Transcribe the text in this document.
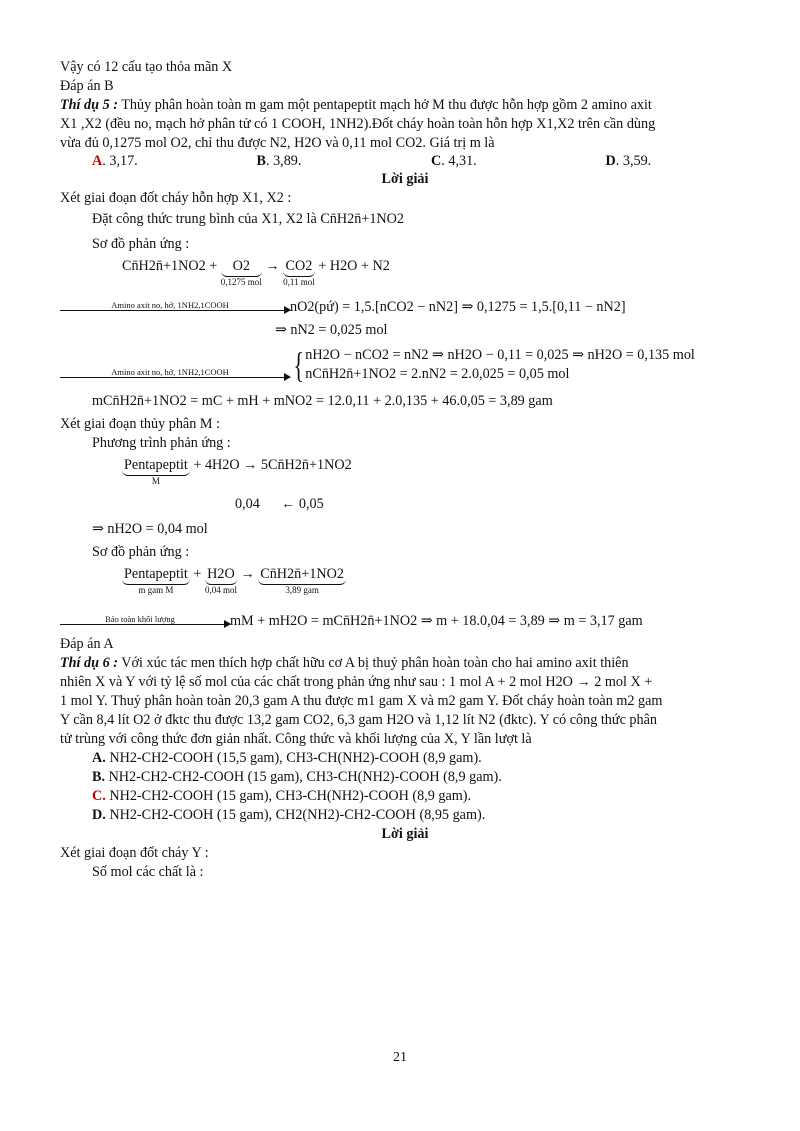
Vậy có 12 cấu tạo thỏa mãn X

Đáp án B

Thí dụ 5 : Thủy phân hoàn toàn m gam một pentapeptit mạch hở M thu được hỗn hợp gồm 2 amino axit

X1 ,X2 (đều no, mạch hở phân tử có 1 COOH, 1NH2).Đốt cháy hoàn toàn hỗn hợp X1,X2 trên cần dùng

vừa đủ 0,1275 mol O2, chỉ thu được N2, H2O và 0,11 mol CO2. Giá trị m là

A. 3,17.	B. 3,89.	C. 4,31.	D. 3,59.

Lời giải

Xét giai đoạn đốt cháy hỗn hợp X1, X2 :

Đặt công thức trung bình của X1, X2 là Cn̄H2n̄+1NO2

Sơ đồ phản ứng :

Cn̄H2n̄+1NO2 + O2
0,1275 mol
→ CO2
0,11 mol
+ H2O + N2

Amino axit no, hở, 1NH2,1COOH	nO2(pứ) = 1,5.[nCO2 − nN2] ⇒ 0,1275 = 1,5.[0,11 − nN2]

⇒ nN2 = 0,025 mol

Amino axit no, hở, 1NH2,1COOH	{ nH2O − nCO2 = nN2 ⇒ nH2O − 0,11 = 0,025 ⇒ nH2O = 0,135 mol
nCn̄H2n̄+1NO2 = 2.nN2 = 2.0,025 = 0,05 mol

mCn̄H2n̄+1NO2 = mC + mH + mNO2 = 12.0,11 + 2.0,135 + 46.0,05 = 3,89 gam

Xét giai đoạn thủy phân M :

Phương trình phản ứng :

Pentapeptit
M
+ 4H2O → 5Cn̄H2n̄+1NO2

0,04      ← 0,05

⇒ nH2O = 0,04 mol

Sơ đồ phản ứng :

Pentapeptit
m gam M
+ H2O
0,04 mol
→ Cn̄H2n̄+1NO2
3,89 gam

Bảo toàn khối lượng	mM + mH2O = mCn̄H2n̄+1NO2 ⇒ m + 18.0,04 = 3,89 ⇒ m = 3,17 gam

Đáp án A

Thí dụ 6 : Với xúc tác men thích hợp chất hữu cơ A bị thuỷ phân hoàn toàn cho hai amino axit thiên

nhiên X và Y với tỷ lệ số mol của các chất trong phản ứng như sau : 1 mol A + 2 mol H2O → 2 mol X +

1 mol Y. Thuỷ phân hoàn toàn 20,3 gam A thu được m1 gam X và m2 gam Y. Đốt cháy hoàn toàn m2 gam

Y cần 8,4 lít O2 ở đktc thu được 13,2 gam CO2, 6,3 gam H2O và 1,12 lít N2 (đktc). Y có công thức phân

tử trùng với công thức đơn giản nhất. Công thức và khối lượng của X, Y lần lượt là

A. NH2-CH2-COOH (15,5 gam), CH3-CH(NH2)-COOH (8,9 gam).

B. NH2-CH2-CH2-COOH (15 gam), CH3-CH(NH2)-COOH (8,9 gam).

C. NH2-CH2-COOH (15 gam), CH3-CH(NH2)-COOH (8,9 gam).

D. NH2-CH2-COOH (15 gam), CH2(NH2)-CH2-COOH (8,95 gam).

Lời giải

Xét giai đoạn đốt cháy Y :

Số mol các chất là :

21
